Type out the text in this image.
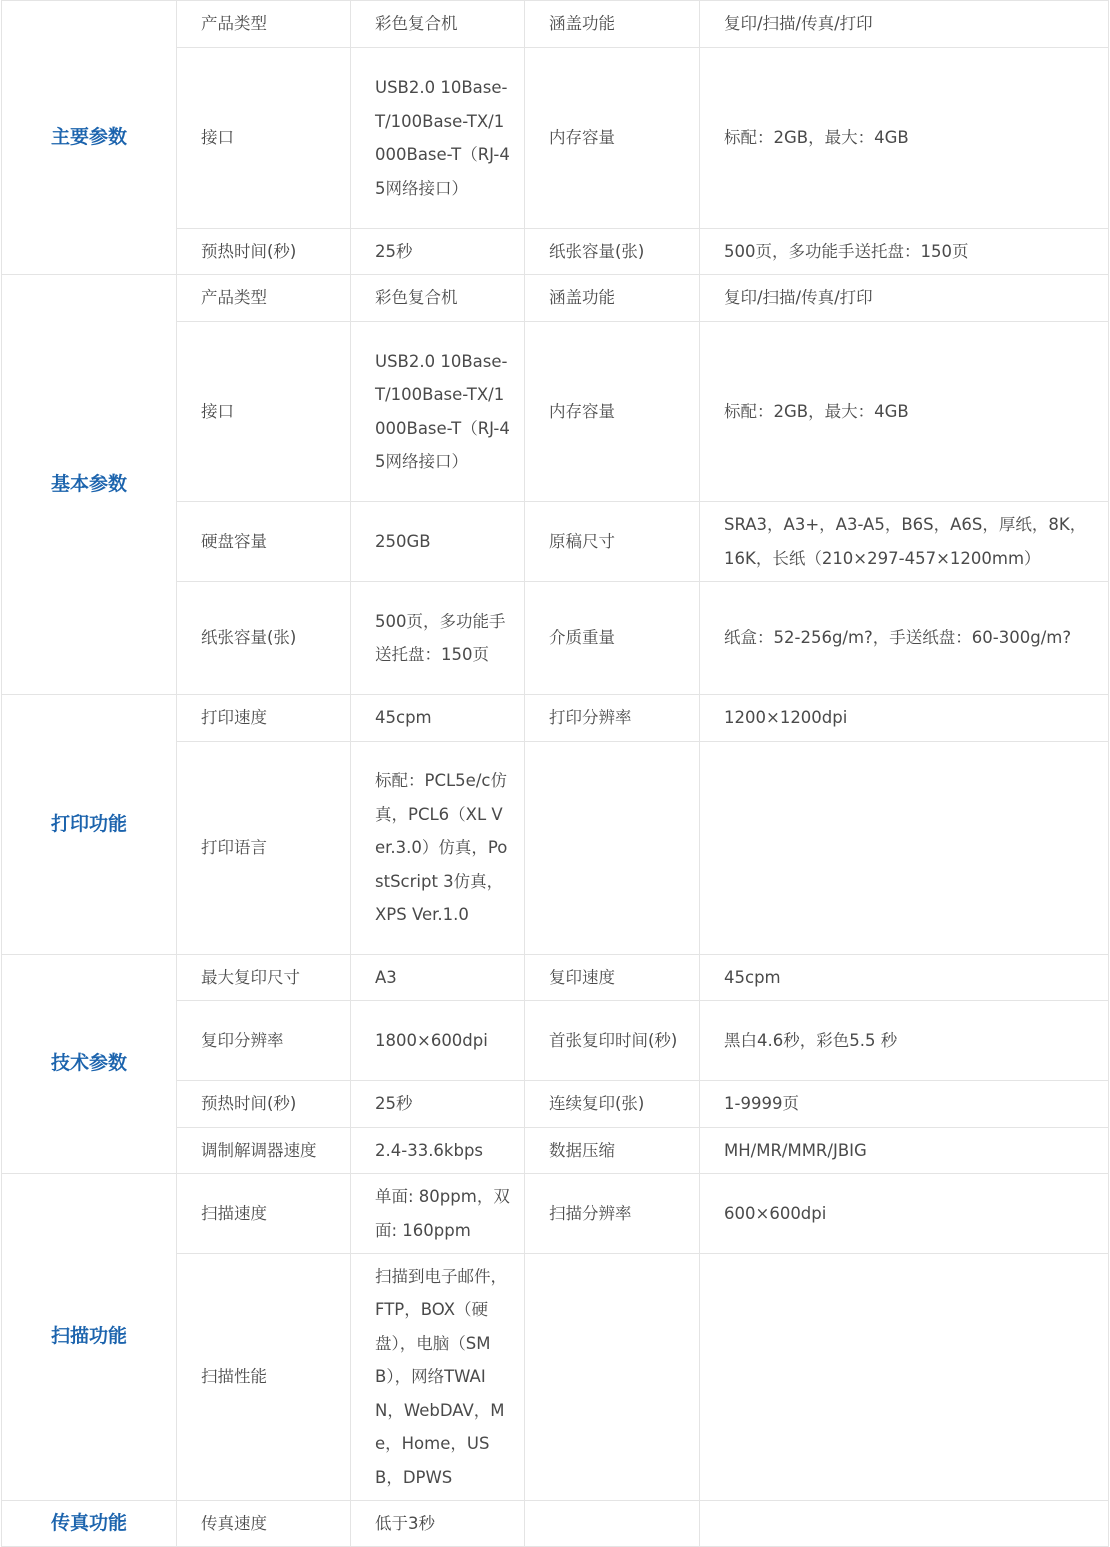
主要参数	产品类型	彩色复合机	涵盖功能	复印/扫描/传真/打印
	接口	USB2.0 10Base-T/100Base-TX/1000Base-T（RJ-45网络接口）	内存容量	标配：2GB，最大：4GB
	预热时间(秒)	25秒	纸张容量(张)	500页，多功能手送托盘：150页
基本参数	产品类型	彩色复合机	涵盖功能	复印/扫描/传真/打印
	接口	USB2.0 10Base-T/100Base-TX/1000Base-T（RJ-45网络接口）	内存容量	标配：2GB，最大：4GB
	硬盘容量	250GB	原稿尺寸	SRA3，A3+，A3-A5，B6S，A6S，厚纸，8K，16K，长纸（210×297-457×1200mm）
	纸张容量(张)	500页，多功能手送托盘：150页	介质重量	纸盒：52-256g/m?，手送纸盘：60-300g/m?
打印功能	打印速度	45cpm	打印分辨率	1200×1200dpi
	打印语言	标配：PCL5e/c仿真，PCL6（XL Ver.3.0）仿真，PostScript 3仿真，XPS Ver.1.0		
技术参数	最大复印尺寸	A3	复印速度	45cpm
	复印分辨率	1800×600dpi	首张复印时间(秒)	黑白4.6秒，彩色5.5 秒
	预热时间(秒)	25秒	连续复印(张)	1-9999页
	调制解调器速度	2.4-33.6kbps	数据压缩	MH/MR/MMR/JBIG
扫描功能	扫描速度	单面: 80ppm，双面: 160ppm	扫描分辨率	600×600dpi
	扫描性能	扫描到电子邮件，FTP，BOX（硬盘），电脑（SMB），网络TWAIN，WebDAV，Me，Home，USB，DPWS		
传真功能	传真速度	低于3秒		
